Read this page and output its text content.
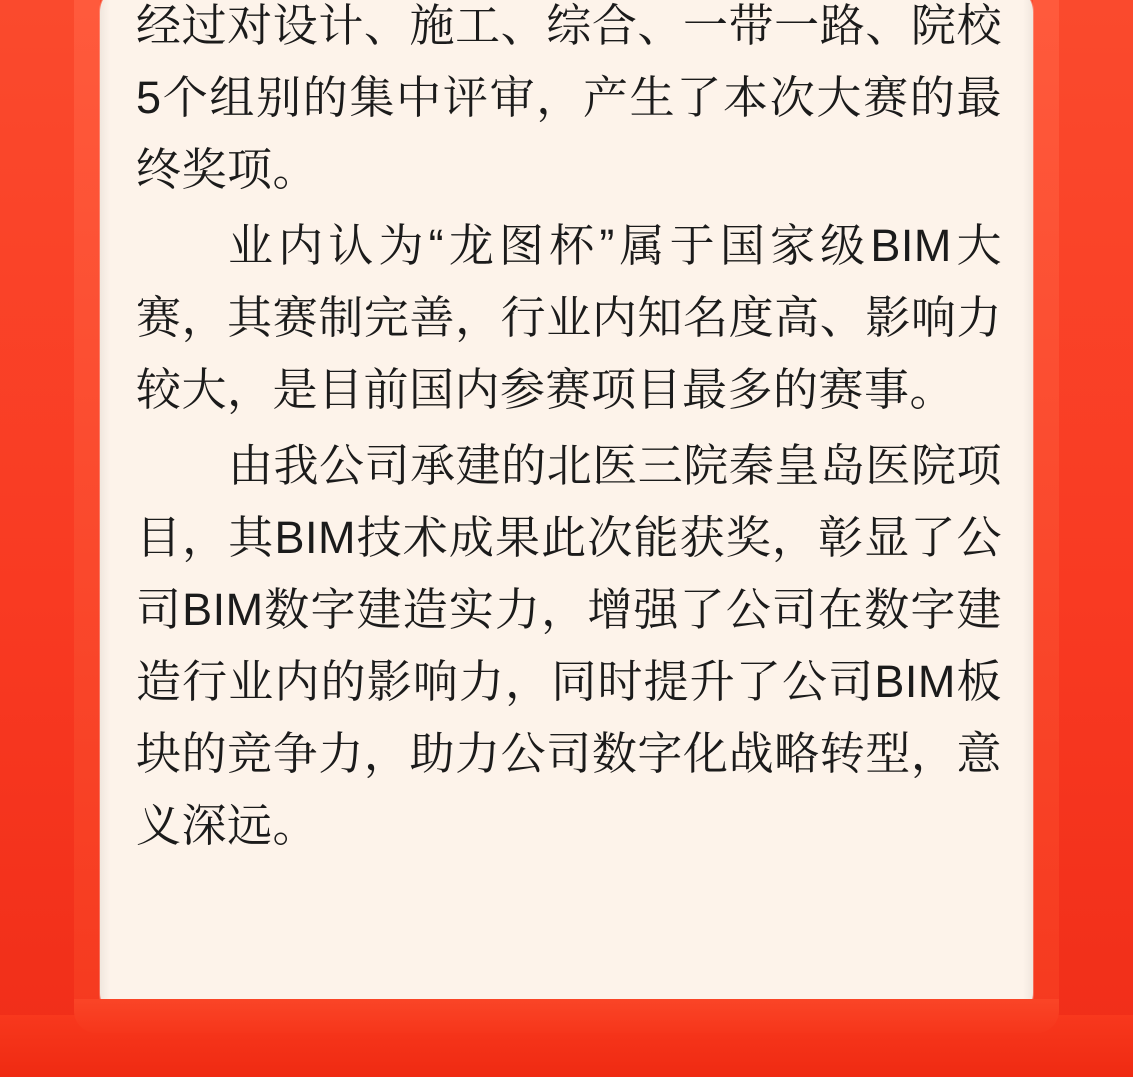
经过对设计、施工、综合、一带一路、院校5个组别的集中评审，产生了本次大赛的最终奖项。

业内认为“龙图杯”属于国家级BIM大赛，其赛制完善，行业内知名度高、影响力较大，是目前国内参赛项目最多的赛事。

由我公司承建的北医三院秦皇岛医院项目，其BIM技术成果此次能获奖，彰显了公司BIM数字建造实力，增强了公司在数字建造行业内的影响力，同时提升了公司BIM板块的竞争力，助力公司数字化战略转型，意义深远。
